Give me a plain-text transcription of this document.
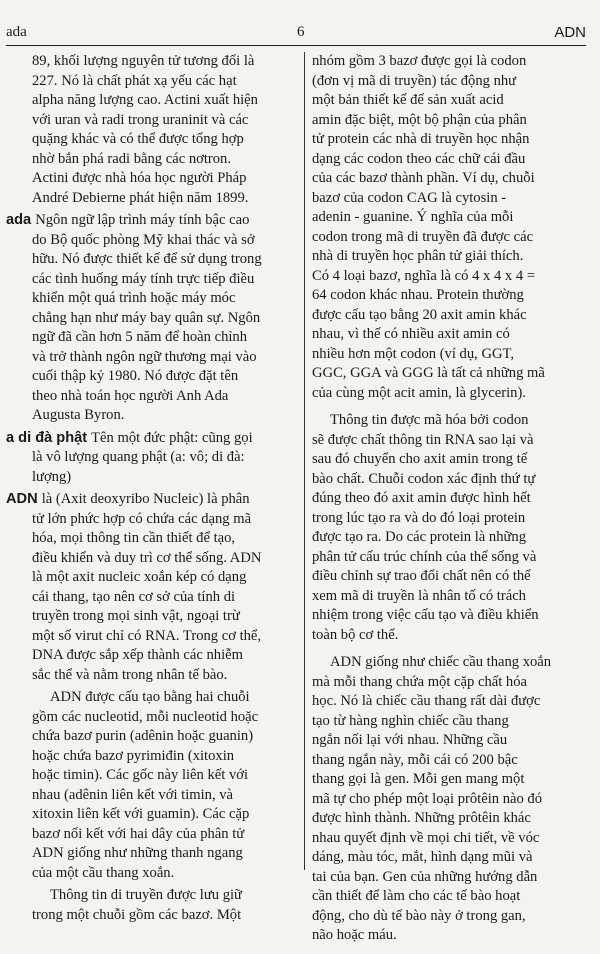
ada	6	ADN
89, khối lượng nguyên tử tương đối là
227. Nó là chất phát xạ yếu các hạt
alpha năng lượng cao. Actini xuất hiện
với uran và radi trong uraninit và các
quặng khác và có thể được tổng hợp
nhờ bắn phá radi bằng các nơtron.
Actini được nhà hóa học người Pháp
André Debierne phát hiện năm 1899.
ada Ngôn ngữ lập trình máy tính bậc cao
do Bộ quốc phòng Mỹ khai thác và sở
hữu. Nó được thiết kế để sử dụng trong
các tình huống máy tính trực tiếp điều
khiển một quá trình hoặc máy móc
chẳng hạn như máy bay quân sự. Ngôn
ngữ đã cần hơn 5 năm để hoàn chỉnh
và trở thành ngôn ngữ thương mại vào
cuối thập kỷ 1980. Nó được đặt tên
theo nhà toán học người Anh Ada
Augusta Byron.
a di đà phật Tên một đức phật: cũng gọi
là vô lượng quang phật (a: vô; di đà:
lượng)
ADN là (Axit deoxyribo Nucleic) là phân
tử lớn phức hợp có chứa các dạng mã
hóa, mọi thông tin cần thiết để tạo,
điều khiển và duy trì cơ thể sống. ADN
là một axit nucleic xoắn kép có dạng
cái thang, tạo nên cơ sở của tính di
truyền trong mọi sinh vật, ngoại trừ
một số virut chỉ có RNA. Trong cơ thể,
DNA được sắp xếp thành các nhiễm
sắc thể và nằm trong nhân tế bào.
ADN được cấu tạo bằng hai chuỗi
gồm các nucleotid, mỗi nucleotid hoặc
chứa bazơ purin (adênin hoặc guanin)
hoặc chứa bazơ pyrimiđin (xitoxin
hoặc timin). Các gốc này liên kết với
nhau (adênin liên kết với timin, và
xitoxin liên kết với guamin). Các cặp
bazơ nối kết với hai dây của phân tử
ADN giống như những thanh ngang
của một cầu thang xoắn.
Thông tin di truyền được lưu giữ
trong một chuỗi gồm các bazơ. Một
nhóm gồm 3 bazơ được gọi là codon
(đơn vị mã di truyền) tác động như
một bản thiết kế để sản xuất acid
amin đặc biệt, một bộ phận của phân
tử protein các nhà di truyền học nhận
dạng các codon theo các chữ cái đầu
của các bazơ thành phần. Ví dụ, chuỗi
bazơ của codon CAG là cytosin -
adenin - guanine. Ý nghĩa của mỗi
codon trong mã di truyền đã được các
nhà di truyền học phân tử giải thích.
Có 4 loại bazơ, nghĩa là có 4 x 4 x 4 =
64 codon khác nhau. Protein thường
được cấu tạo bằng 20 axit amin khác
nhau, vì thế có nhiều axit amin có
nhiều hơn một codon (ví dụ, GGT,
GGC, GGA và GGG là tất cả những mã
của cùng một acit amin, là glycerin).
Thông tin được mã hóa bởi codon
sẽ được chất thông tin RNA sao lại và
sau đó chuyển cho axit amin trong tế
bào chất. Chuỗi codon xác định thứ tự
đúng theo đó axit amin được hình hết
trong lúc tạo ra và do đó loại protein
được tạo ra. Do các protein là những
phân tử cấu trúc chính của thể sống và
điều chỉnh sự trao đổi chất nên có thể
xem mã di truyền là nhân tố có trách
nhiệm trong việc cấu tạo và điều khiển
toàn bộ cơ thể.
ADN giống như chiếc cầu thang xoắn
mà mỗi thang chứa một cặp chất hóa
học. Nó là chiếc cầu thang rất dài được
tạo từ hàng nghìn chiếc cầu thang
ngắn nối lại với nhau. Những cầu
thang ngắn này, mỗi cái có 200 bậc
thang gọi là gen. Mỗi gen mang một
mã tự cho phép một loại prôtêin nào đó
được hình thành. Những prôtêin khác
nhau quyết định về mọi chi tiết, về vóc
dáng, màu tóc, mắt, hình dạng mũi và
tai của bạn. Gen của những hướng dẫn
cần thiết để làm cho các tế bào hoạt
động, cho dù tế bào này ở trong gan,
não hoặc máu.
